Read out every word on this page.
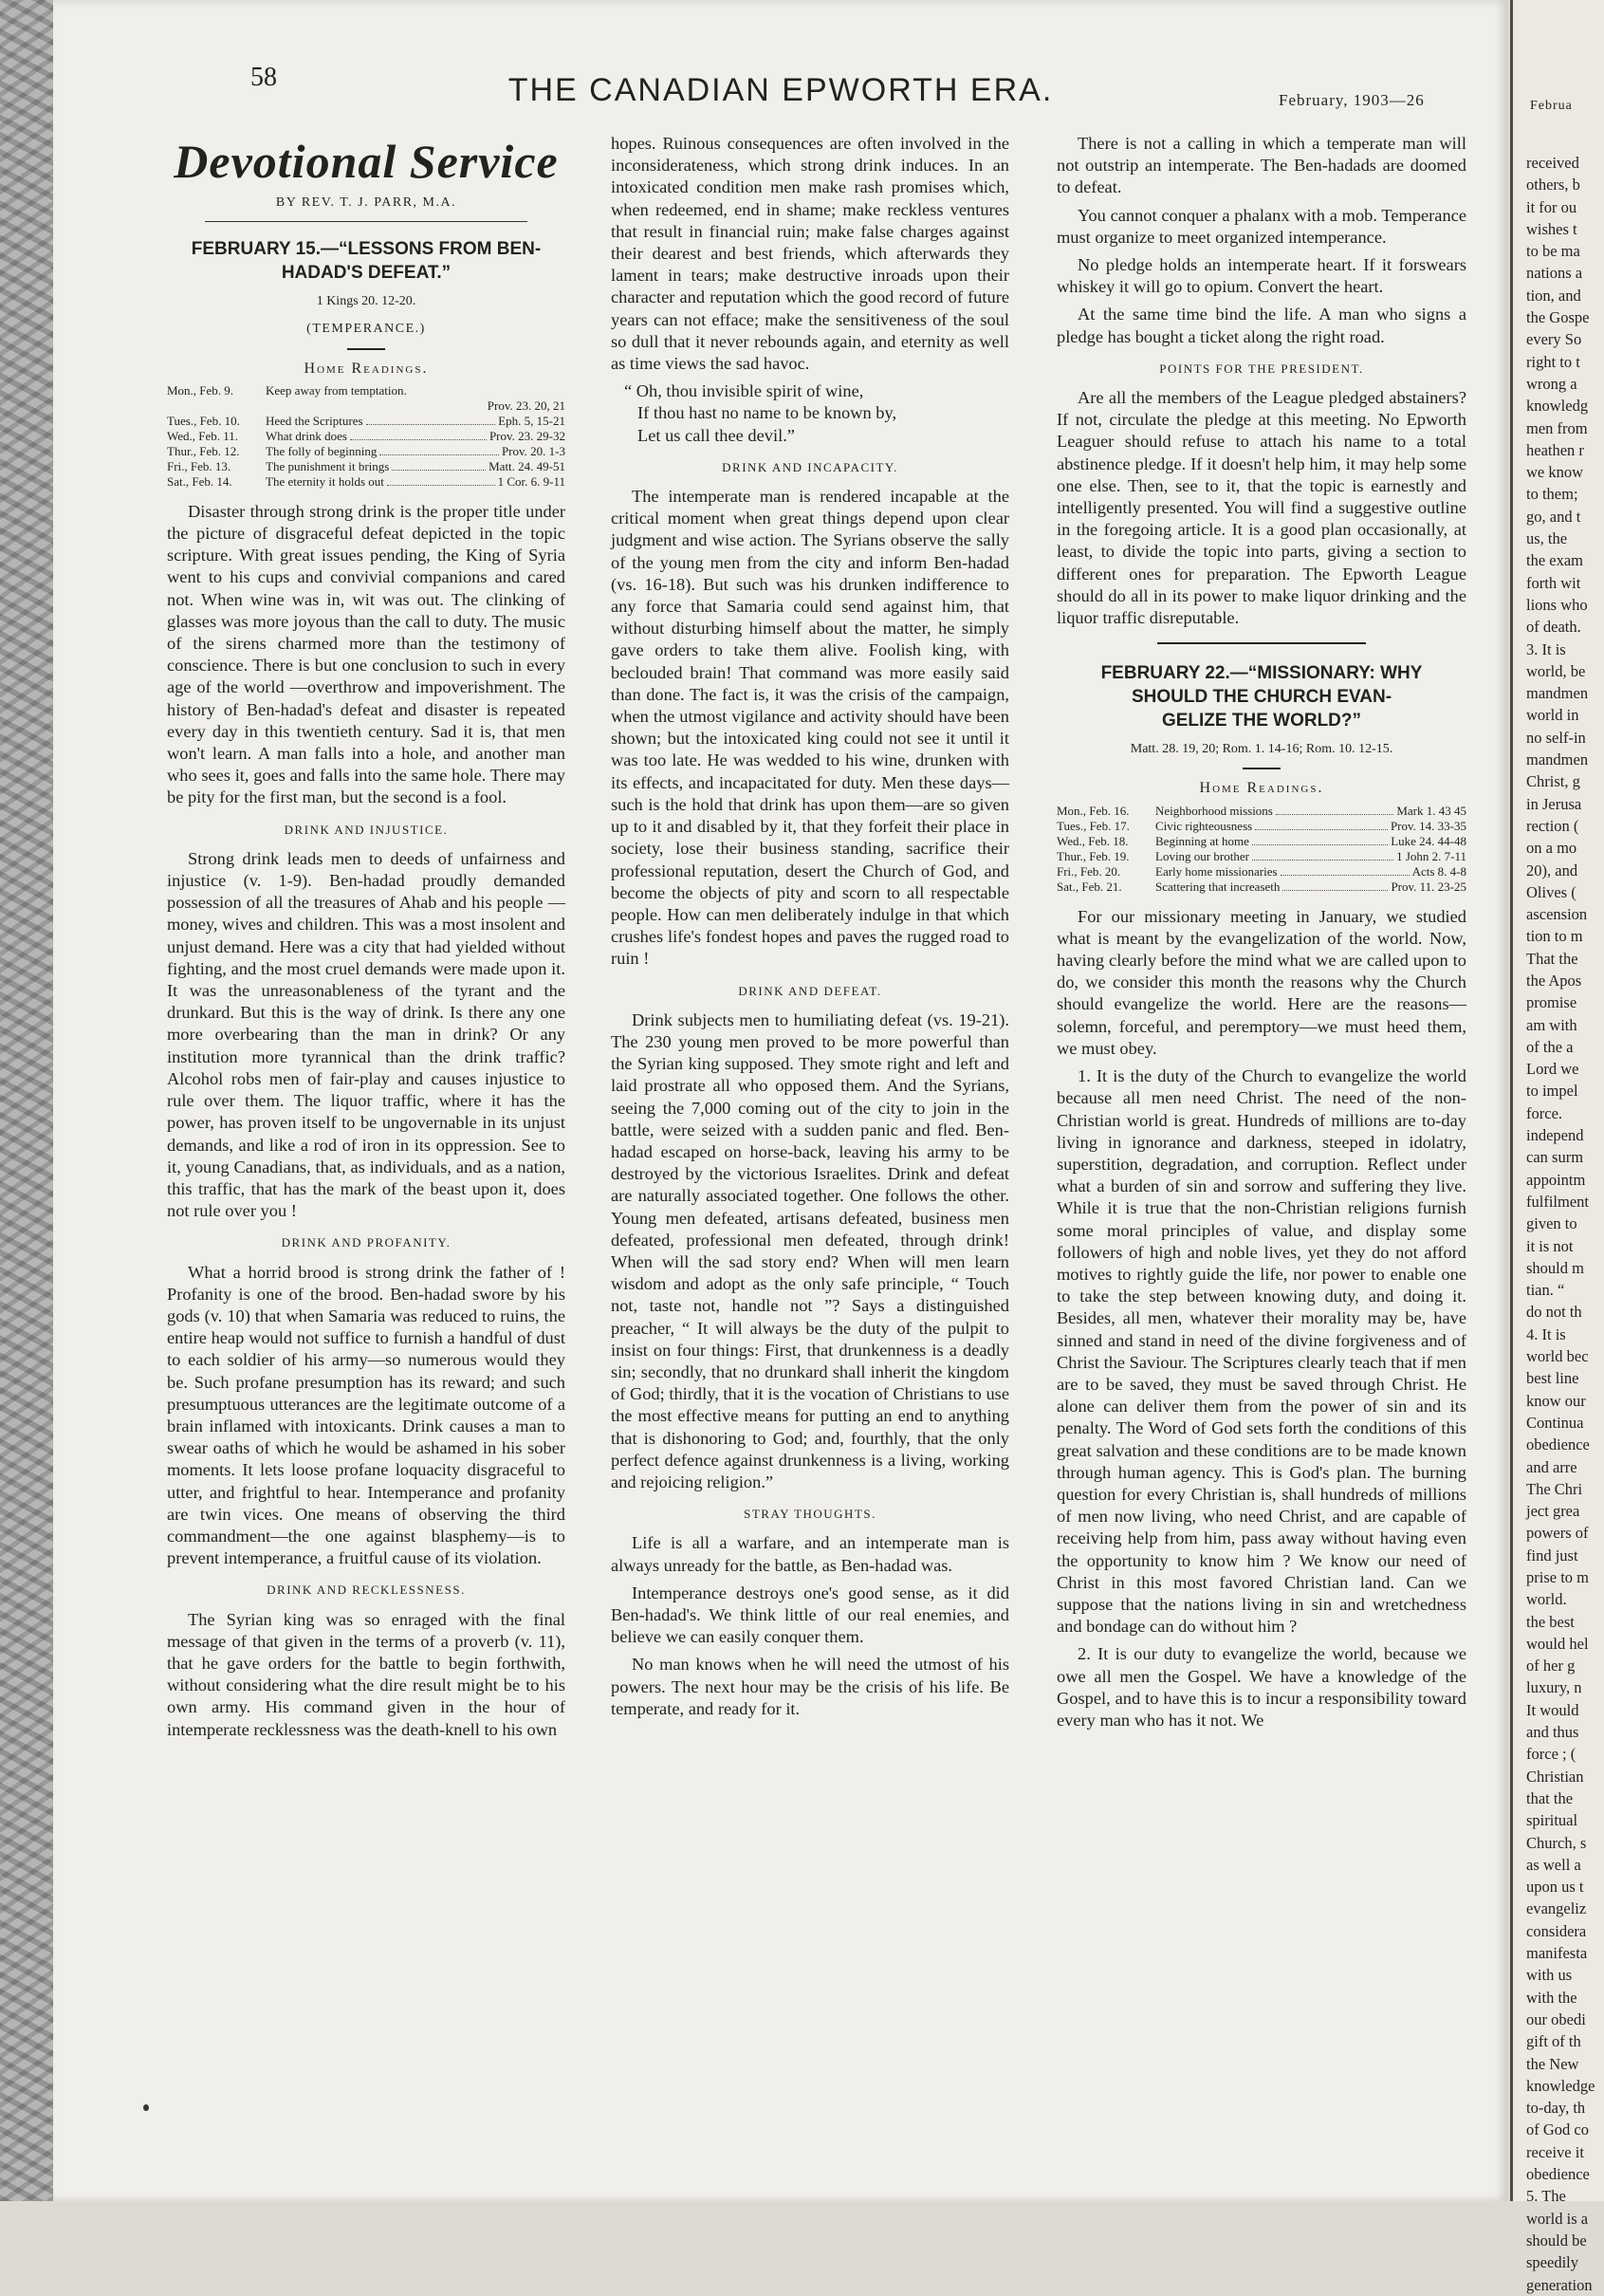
58	THE CANADIAN EPWORTH ERA.	February, 1903—26
Devotional Service
BY REV. T. J. PARR, M.A.
FEBRUARY 15.—“LESSONS FROM BEN-
HADAD'S DEFEAT.”
1 Kings 20. 12-20.
(TEMPERANCE.)
Home Readings.
Mon., Feb. 9.	Keep away from temptation.
Prov. 23. 20, 21
Tues., Feb. 10.	Heed the Scriptures	Eph. 5, 15-21
Wed., Feb. 11.	What drink does	Prov. 23. 29-32
Thur., Feb. 12.	The folly of beginning	Prov. 20. 1-3
Fri., Feb. 13.	The punishment it brings	Matt. 24. 49-51
Sat., Feb. 14.	The eternity it holds out	1 Cor. 6. 9-11

Disaster through strong drink is the proper title under the picture of disgraceful defeat depicted in the topic scripture. With great issues pending, the King of Syria went to his cups and convivial companions and cared not. When wine was in, wit was out. The clinking of glasses was more joyous than the call to duty. The music of the sirens charmed more than the testimony of conscience. There is but one conclusion to such in every age of the world —overthrow and impoverishment. The history of Ben-hadad's defeat and disaster is repeated every day in this twentieth century. Sad it is, that men won't learn. A man falls into a hole, and another man who sees it, goes and falls into the same hole. There may be pity for the first man, but the second is a fool.

DRINK AND INJUSTICE.

Strong drink leads men to deeds of unfairness and injustice (v. 1-9). Ben-hadad proudly demanded possession of all the treasures of Ahab and his people —money, wives and children. This was a most insolent and unjust demand. Here was a city that had yielded without fighting, and the most cruel demands were made upon it. It was the unreasonableness of the tyrant and the drunkard. But this is the way of drink. Is there any one more overbearing than the man in drink? Or any institution more tyrannical than the drink traffic? Alcohol robs men of fair-play and causes injustice to rule over them. The liquor traffic, where it has the power, has proven itself to be ungovernable in its unjust demands, and like a rod of iron in its oppression. See to it, young Canadians, that, as individuals, and as a nation, this traffic, that has the mark of the beast upon it, does not rule over you !

DRINK AND PROFANITY.

What a horrid brood is strong drink the father of ! Profanity is one of the brood. Ben-hadad swore by his gods (v. 10) that when Samaria was reduced to ruins, the entire heap would not suffice to furnish a handful of dust to each soldier of his army—so numerous would they be. Such profane presumption has its reward; and such presumptuous utterances are the legitimate outcome of a brain inflamed with intoxicants. Drink causes a man to swear oaths of which he would be ashamed in his sober moments. It lets loose profane loquacity disgraceful to utter, and frightful to hear. Intemperance and profanity are twin vices. One means of observing the third commandment—the one against blasphemy—is to prevent intemperance, a fruitful cause of its violation.

DRINK AND RECKLESSNESS.

The Syrian king was so enraged with the final message of that given in the terms of a proverb (v. 11), that he gave orders for the battle to begin forthwith, without considering what the dire result might be to his own army. His command given in the hour of intemperate recklessness was the death-knell to his own

hopes. Ruinous consequences are often involved in the inconsiderateness, which strong drink induces. In an intoxicated condition men make rash promises which, when redeemed, end in shame; make reckless ventures that result in financial ruin; make false charges against their dearest and best friends, which afterwards they lament in tears; make destructive inroads upon their character and reputation which the good record of future years can not efface; make the sensitiveness of the soul so dull that it never rebounds again, and eternity as well as time views the sad havoc.

“ Oh, thou invisible spirit of wine,
If thou hast no name to be known by,
Let us call thee devil.”
DRINK AND INCAPACITY.

The intemperate man is rendered incapable at the critical moment when great things depend upon clear judgment and wise action. The Syrians observe the sally of the young men from the city and inform Ben-hadad (vs. 16-18). But such was his drunken indifference to any force that Samaria could send against him, that without disturbing himself about the matter, he simply gave orders to take them alive. Foolish king, with beclouded brain! That command was more easily said than done. The fact is, it was the crisis of the campaign, when the utmost vigilance and activity should have been shown; but the intoxicated king could not see it until it was too late. He was wedded to his wine, drunken with its effects, and incapacitated for duty. Men these days—such is the hold that drink has upon them—are so given up to it and disabled by it, that they forfeit their place in society, lose their business standing, sacrifice their professional reputation, desert the Church of God, and become the objects of pity and scorn to all respectable people. How can men deliberately indulge in that which crushes life's fondest hopes and paves the rugged road to ruin !

DRINK AND DEFEAT.

Drink subjects men to humiliating defeat (vs. 19-21). The 230 young men proved to be more powerful than the Syrian king supposed. They smote right and left and laid prostrate all who opposed them. And the Syrians, seeing the 7,000 coming out of the city to join in the battle, were seized with a sudden panic and fled. Ben-hadad escaped on horse-back, leaving his army to be destroyed by the victorious Israelites. Drink and defeat are naturally associated together. One follows the other. Young men defeated, artisans defeated, business men defeated, professional men defeated, through drink! When will the sad story end? When will men learn wisdom and adopt as the only safe principle, “ Touch not, taste not, handle not ”? Says a distinguished preacher, “ It will always be the duty of the pulpit to insist on four things: First, that drunkenness is a deadly sin; secondly, that no drunkard shall inherit the kingdom of God; thirdly, that it is the vocation of Christians to use the most effective means for putting an end to anything that is dishonoring to God; and, fourthly, that the only perfect defence against drunkenness is a living, working and rejoicing religion.”

STRAY THOUGHTS.

Life is all a warfare, and an intemperate man is always unready for the battle, as Ben-hadad was.

Intemperance destroys one's good sense, as it did Ben-hadad's. We think little of our real enemies, and believe we can easily conquer them.

No man knows when he will need the utmost of his powers. The next hour may be the crisis of his life. Be temperate, and ready for it.

There is not a calling in which a temperate man will not outstrip an intemperate. The Ben-hadads are doomed to defeat.

You cannot conquer a phalanx with a mob. Temperance must organize to meet organized intemperance.

No pledge holds an intemperate heart. If it forswears whiskey it will go to opium. Convert the heart.

At the same time bind the life. A man who signs a pledge has bought a ticket along the right road.

POINTS FOR THE PRESIDENT.

Are all the members of the League pledged abstainers? If not, circulate the pledge at this meeting. No Epworth Leaguer should refuse to attach his name to a total abstinence pledge. If it doesn't help him, it may help some one else. Then, see to it, that the topic is earnestly and intelligently presented. You will find a suggestive outline in the foregoing article. It is a good plan occasionally, at least, to divide the topic into parts, giving a section to different ones for preparation. The Epworth League should do all in its power to make liquor drinking and the liquor traffic disreputable.

FEBRUARY 22.—“MISSIONARY: WHY
SHOULD THE CHURCH EVAN-
GELIZE THE WORLD?”
Matt. 28. 19, 20; Rom. 1. 14-16; Rom. 10. 12-15.
Home Readings.
Mon., Feb. 16.	Neighborhood missions	Mark 1. 43 45
Tues., Feb. 17.	Civic righteousness	Prov. 14. 33-35
Wed., Feb. 18.	Beginning at home	Luke 24. 44-48
Thur., Feb. 19.	Loving our brother	1 John 2. 7-11
Fri., Feb. 20.	Early home missionaries	Acts 8. 4-8
Sat., Feb. 21.	Scattering that increaseth	Prov. 11. 23-25

For our missionary meeting in January, we studied what is meant by the evangelization of the world. Now, having clearly before the mind what we are called upon to do, we consider this month the reasons why the Church should evangelize the world. Here are the reasons—solemn, forceful, and peremptory—we must heed them, we must obey.

1. It is the duty of the Church to evangelize the world because all men need Christ. The need of the non-Christian world is great. Hundreds of millions are to-day living in ignorance and darkness, steeped in idolatry, superstition, degradation, and corruption. Reflect under what a burden of sin and sorrow and suffering they live. While it is true that the non-Christian religions furnish some moral principles of value, and display some followers of high and noble lives, yet they do not afford motives to rightly guide the life, nor power to enable one to take the step between knowing duty, and doing it. Besides, all men, whatever their morality may be, have sinned and stand in need of the divine forgiveness and of Christ the Saviour. The Scriptures clearly teach that if men are to be saved, they must be saved through Christ. He alone can deliver them from the power of sin and its penalty. The Word of God sets forth the conditions of this great salvation and these conditions are to be made known through human agency. This is God's plan. The burning question for every Christian is, shall hundreds of millions of men now living, who need Christ, and are capable of receiving help from him, pass away without having even the opportunity to know him ? We know our need of Christ in this most favored Christian land. Can we suppose that the nations living in sin and wretchedness and bondage can do without him ?

2. It is our duty to evangelize the world, because we owe all men the Gospel. We have a knowledge of the Gospel, and to have this is to incur a responsibility toward every man who has it not. We

Februa
received
others, b
it for ou
wishes t
to be ma
nations a
tion, and
the Gospe
every So
right to t
wrong a
knowledg
men from
heathen r
we know
to them;
go, and t
us, the
the exam
forth wit
lions who
of death.
3. It is
world, be
mandmen
world in
no self-in
mandmen
Christ, g
in Jerusa
rection (
on a mo
20), and
Olives (
ascension
tion to m
That the
the Apos
promise
am with
of the a
Lord we
to impel
force.
independ
can surm
appointm
fulfilment
given to
it is not
should m
tian. “
do not th
4. It is
world bec
best line
know our
Continua
obedience
and arre
The Chri
ject grea
powers of
find just
prise to m
world.
the best
would hel
of her g
luxury, n
It would
and thus
force ; (
Christian
that the
spiritual
Church, s
as well a
upon us t
evangeliz
considera
manifesta
with us
with the
our obedi
gift of th
the New
knowledge
to-day, th
of God co
receive it
obedience
5. The
world is a
should be
speedily
generation
